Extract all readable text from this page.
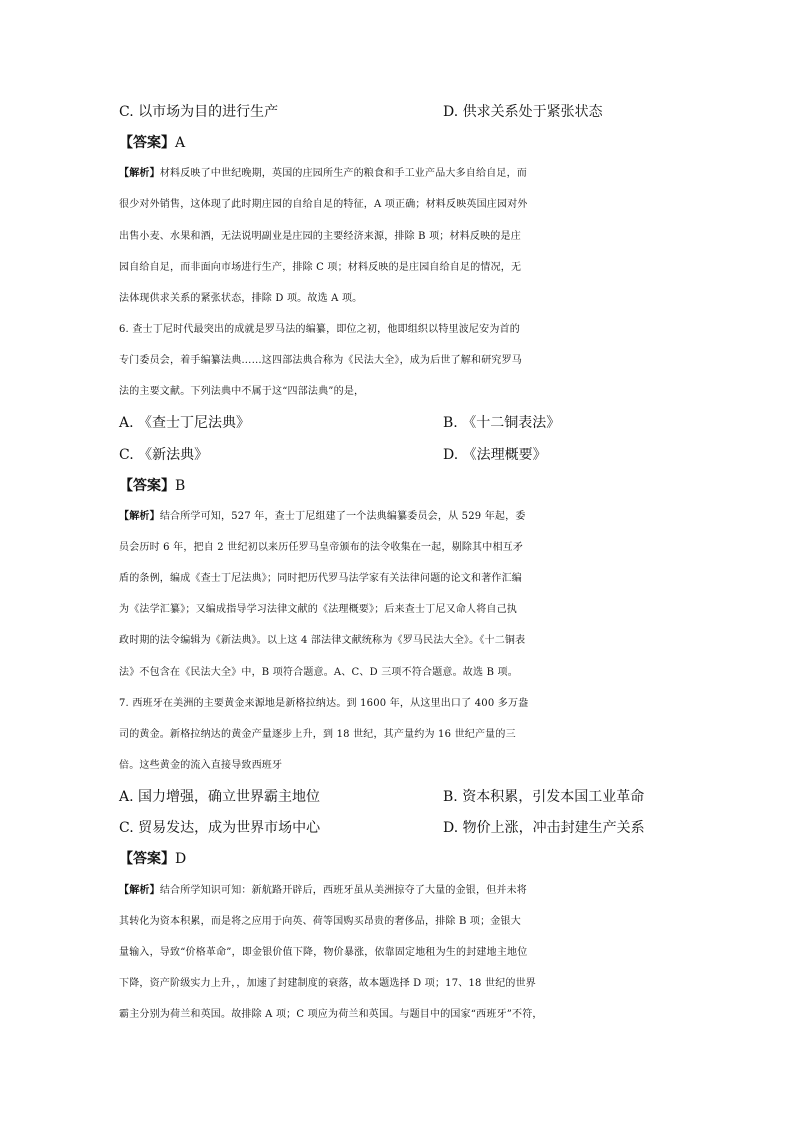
C. 以市场为目的进行生产	D. 供求关系处于紧张状态
【答案】A
【解析】材料反映了中世纪晚期，英国的庄园所生产的粮食和手工业产品大多自给自足，而
很少对外销售，这体现了此时期庄园的自给自足的特征，A 项正确；材料反映英国庄园对外
出售小麦、水果和酒，无法说明副业是庄园的主要经济来源，排除 B 项；材料反映的是庄
园自给自足，而非面向市场进行生产，排除 C 项；材料反映的是庄园自给自足的情况，无
法体现供求关系的紧张状态，排除 D 项。故选 A 项。
6. 查士丁尼时代最突出的成就是罗马法的编纂，即位之初，他即组织以特里波尼安为首的
专门委员会，着手编纂法典……这四部法典合称为《民法大全》，成为后世了解和研究罗马
法的主要文献。下列法典中不属于这“四部法典”的是，
A. 《查士丁尼法典》	B. 《十二铜表法》
C. 《新法典》	D. 《法理概要》
【答案】B
【解析】结合所学可知，527 年，查士丁尼组建了一个法典编纂委员会，从 529 年起，委
员会历时 6 年，把自 2 世纪初以来历任罗马皇帝颁布的法令收集在一起，剔除其中相互矛
盾的条例，编成《查士丁尼法典》；同时把历代罗马法学家有关法律问题的论文和著作汇编
为《法学汇纂》；又编成指导学习法律文献的《法理概要》；后来查士丁尼又命人将自己执
政时期的法令编辑为《新法典》。以上这 4 部法律文献统称为《罗马民法大全》。《十二铜表
法》不包含在《民法大全》中，B 项符合题意。A、C、D 三项不符合题意。故选 B 项。
7. 西班牙在美洲的主要黄金来源地是新格拉纳达。到 1600 年，从这里出口了 400 多万盎
司的黄金。新格拉纳达的黄金产量逐步上升，到 18 世纪，其产量约为 16 世纪产量的三
倍。这些黄金的流入直接导致西班牙
A. 国力增强，确立世界霸主地位	B. 资本积累，引发本国工业革命
C. 贸易发达，成为世界市场中心	D. 物价上涨，冲击封建生产关系
【答案】D
【解析】结合所学知识可知：新航路开辟后，西班牙虽从美洲掠夺了大量的金银，但并未将
其转化为资本积累，而是将之应用于向英、荷等国购买昂贵的奢侈品，排除 B 项；金银大
量输入，导致“价格革命”，即金银价值下降，物价暴涨，依靠固定地租为生的封建地主地位
下降，资产阶级实力上升，，加速了封建制度的衰落，故本题选择 D 项；17、18 世纪的世界
霸主分别为荷兰和英国。故排除 A 项；C 项应为荷兰和英国。与题目中的国家“西班牙”不符，
